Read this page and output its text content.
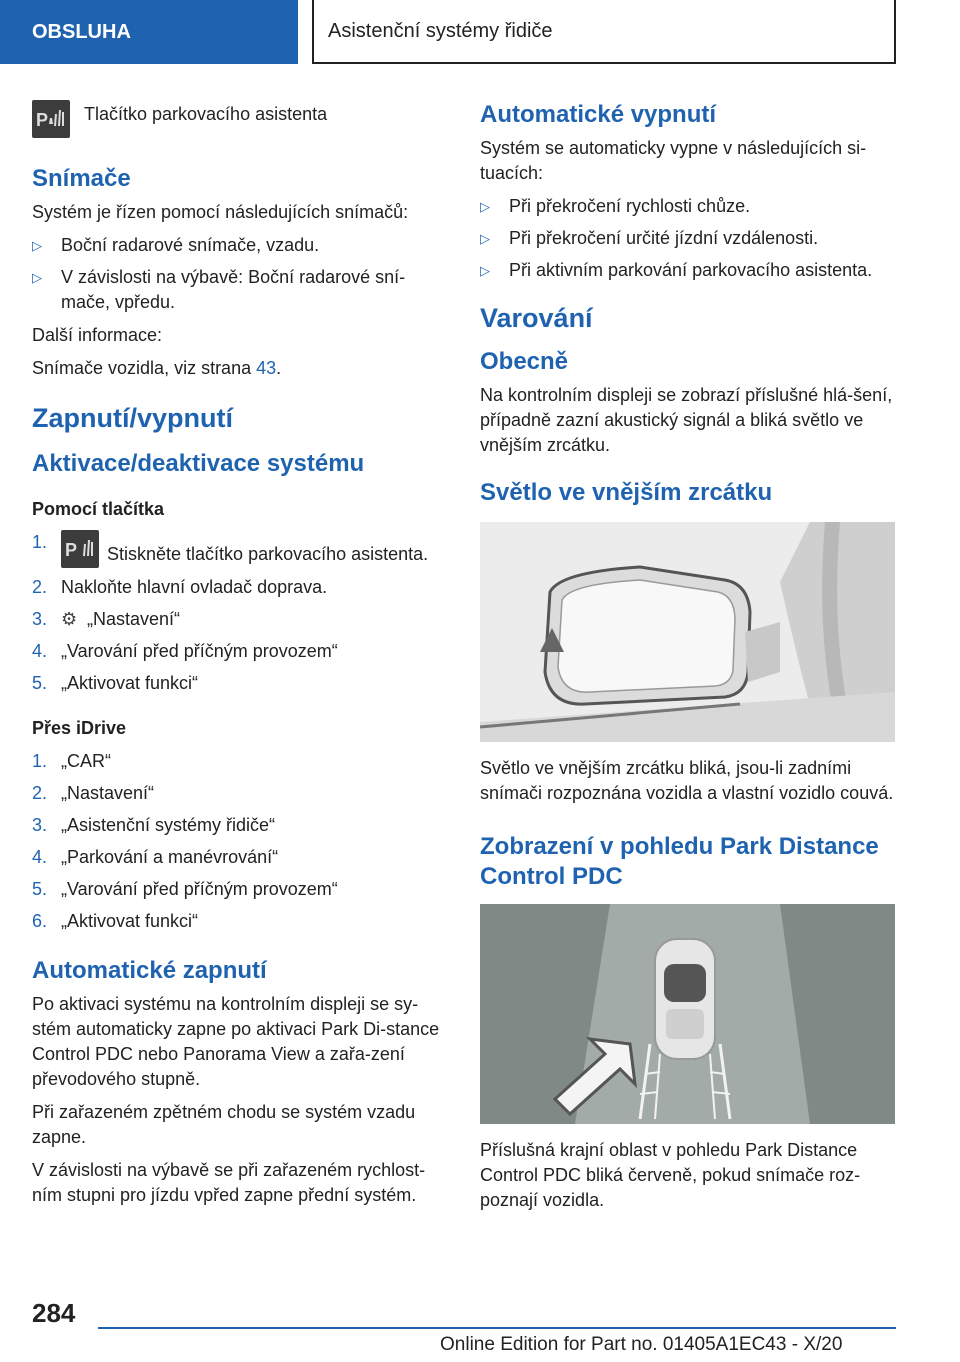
OBSLUHA	Asistenční systémy řidiče
P Tlačítko parkovacího asistenta
Snímače

Systém je řízen pomocí následujících snímačů:

▷ Boční radarové snímače, vzadu.
▷ V závislosti na výbavě: Boční radarové sní-mače, vpředu.

Další informace:

Snímače vozidla, viz strana 43.

Zapnutí/vypnutí
Aktivace/deaktivace systému
Pomocí tlačítka
1. P Stiskněte tlačítko parkovacího asistenta.
2. Nakloňte hlavní ovladač doprava.
3. ⚙ „Nastavení“
4. „Varování před příčným provozem“
5. „Aktivovat funkci“
Přes iDrive
1. „CAR“
2. „Nastavení“
3. „Asistenční systémy řidiče“
4. „Parkování a manévrování“
5. „Varování před příčným provozem“
6. „Aktivovat funkci“
Automatické zapnutí

Po aktivaci systému na kontrolním displeji se sy-stém automaticky zapne po aktivaci Park Di-stance Control PDC nebo Panorama View a zařa-zení převodového stupně.

Při zařazeném zpětném chodu se systém vzadu zapne.

V závislosti na výbavě se při zařazeném rychlost-ním stupni pro jízdu vpřed zapne přední systém.

Automatické vypnutí

Systém se automaticky vypne v následujících si-tuacích:

▷ Při překročení rychlosti chůze.
▷ Při překročení určité jízdní vzdálenosti.
▷ Při aktivním parkování parkovacího asistenta.
Varování
Obecně

Na kontrolním displeji se zobrazí příslušné hlá-šení, případně zazní akustický signál a bliká světlo ve vnějším zrcátku.

Světlo ve vnějším zrcátku

Světlo ve vnějším zrcátku bliká, jsou-li zadními snímači rozpoznána vozidla a vlastní vozidlo couvá.

Zobrazení v pohledu Park Distance Control PDC

Příslušná krajní oblast v pohledu Park Distance Control PDC bliká červeně, pokud snímače roz-poznají vozidla.

284
Online Edition for Part no. 01405A1EC43 - X/20
